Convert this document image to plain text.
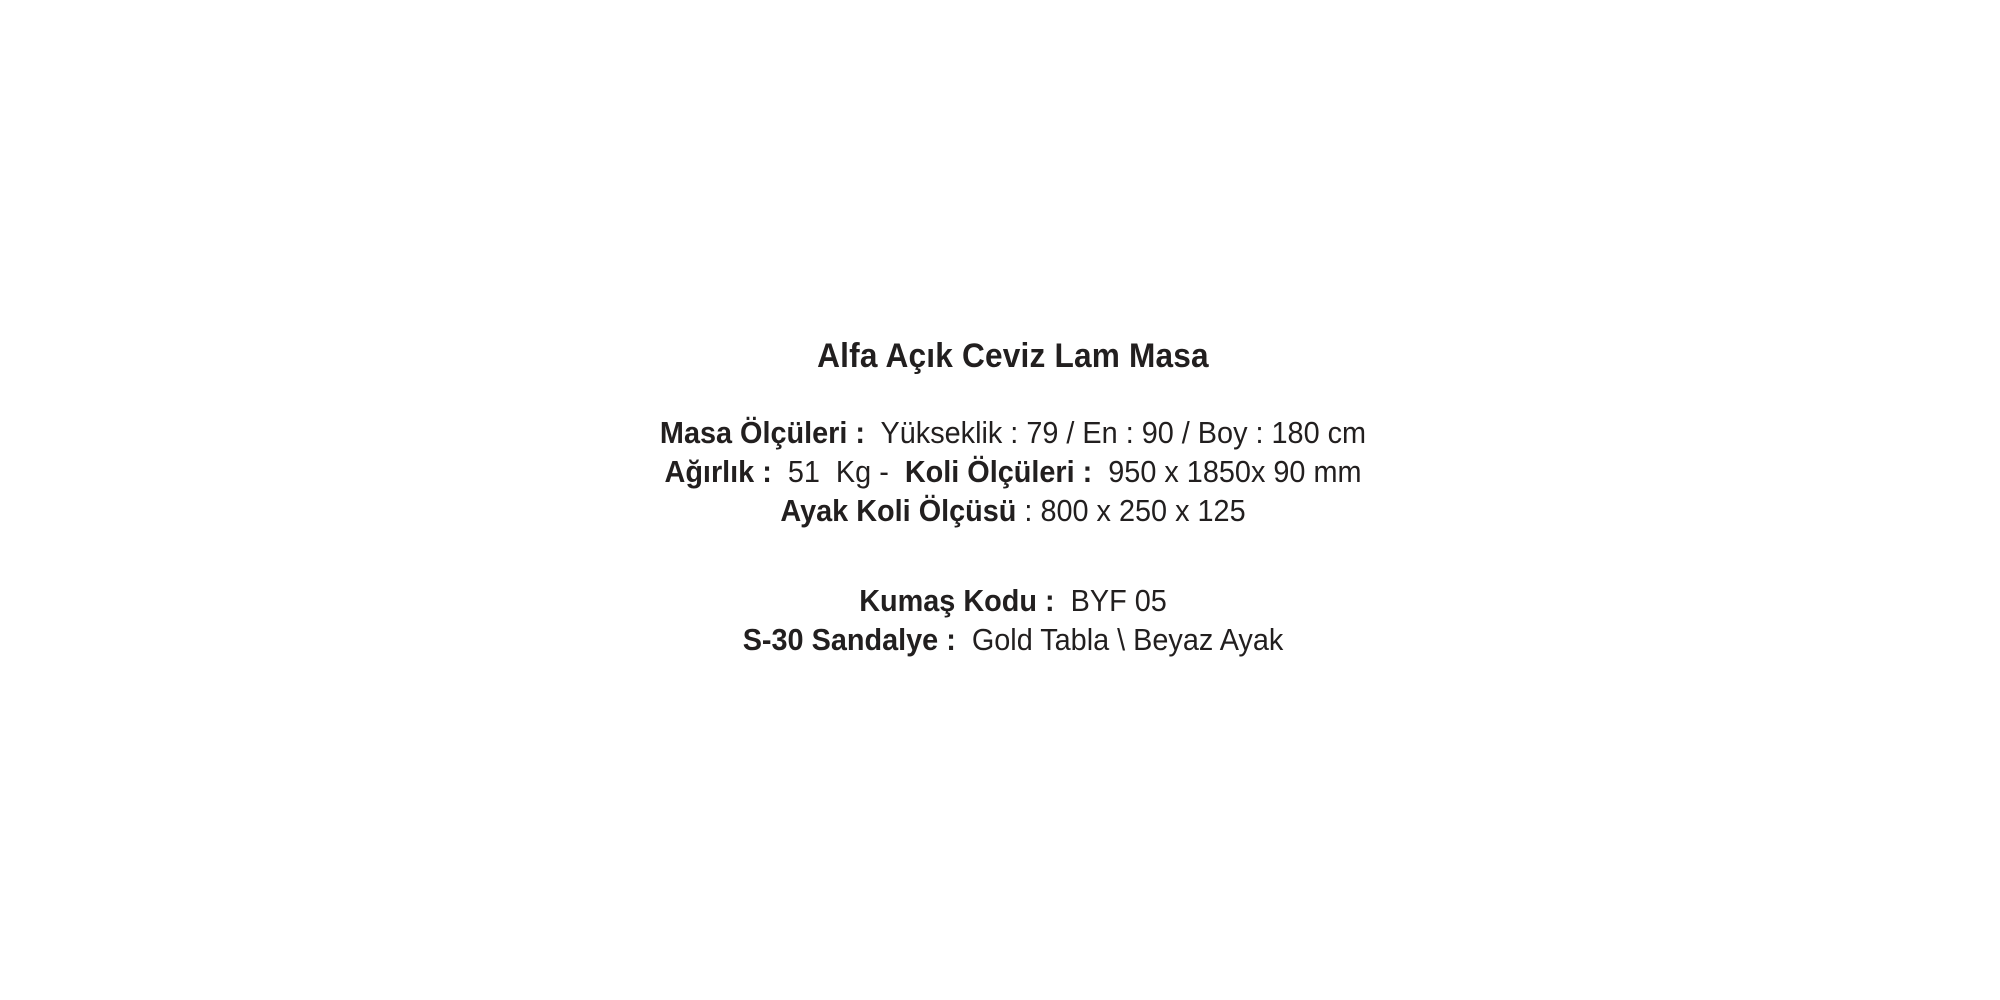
Alfa Açık Ceviz Lam Masa
Masa Ölçüleri :  Yükseklik : 79 / En : 90 / Boy : 180 cm
Ağırlık :  51  Kg -  Koli Ölçüleri :  950 x 1850x 90 mm
Ayak Koli Ölçüsü : 800 x 250 x 125
Kumaş Kodu :  BYF 05
S-30 Sandalye :  Gold Tabla \ Beyaz Ayak
